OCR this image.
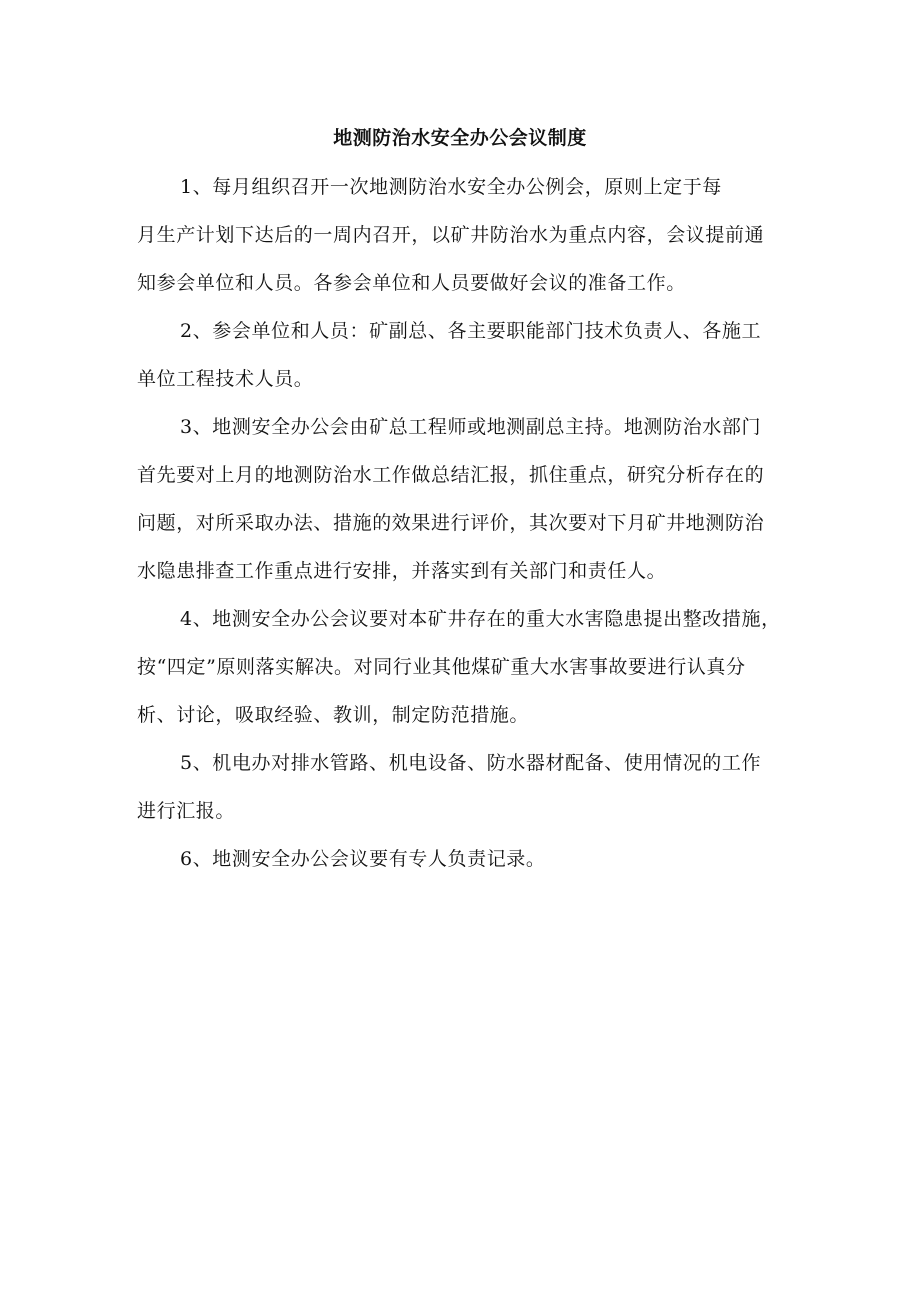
地测防治水安全办公会议制度

1、每月组织召开一次地测防治水安全办公例会，原则上定于每

月生产计划下达后的一周内召开，以矿井防治水为重点内容，会议提前通

知参会单位和人员。各参会单位和人员要做好会议的准备工作。

2、参会单位和人员：矿副总、各主要职能部门技术负责人、各施工

单位工程技术人员。

3、地测安全办公会由矿总工程师或地测副总主持。地测防治水部门

首先要对上月的地测防治水工作做总结汇报，抓住重点，研究分析存在的

问题，对所采取办法、措施的效果进行评价，其次要对下月矿井地测防治

水隐患排查工作重点进行安排，并落实到有关部门和责任人。

4、地测安全办公会议要对本矿井存在的重大水害隐患提出整改措施，

按“四定”原则落实解决。对同行业其他煤矿重大水害事故要进行认真分

析、讨论，吸取经验、教训，制定防范措施。

5、机电办对排水管路、机电设备、防水器材配备、使用情况的工作

进行汇报。

6、地测安全办公会议要有专人负责记录。
